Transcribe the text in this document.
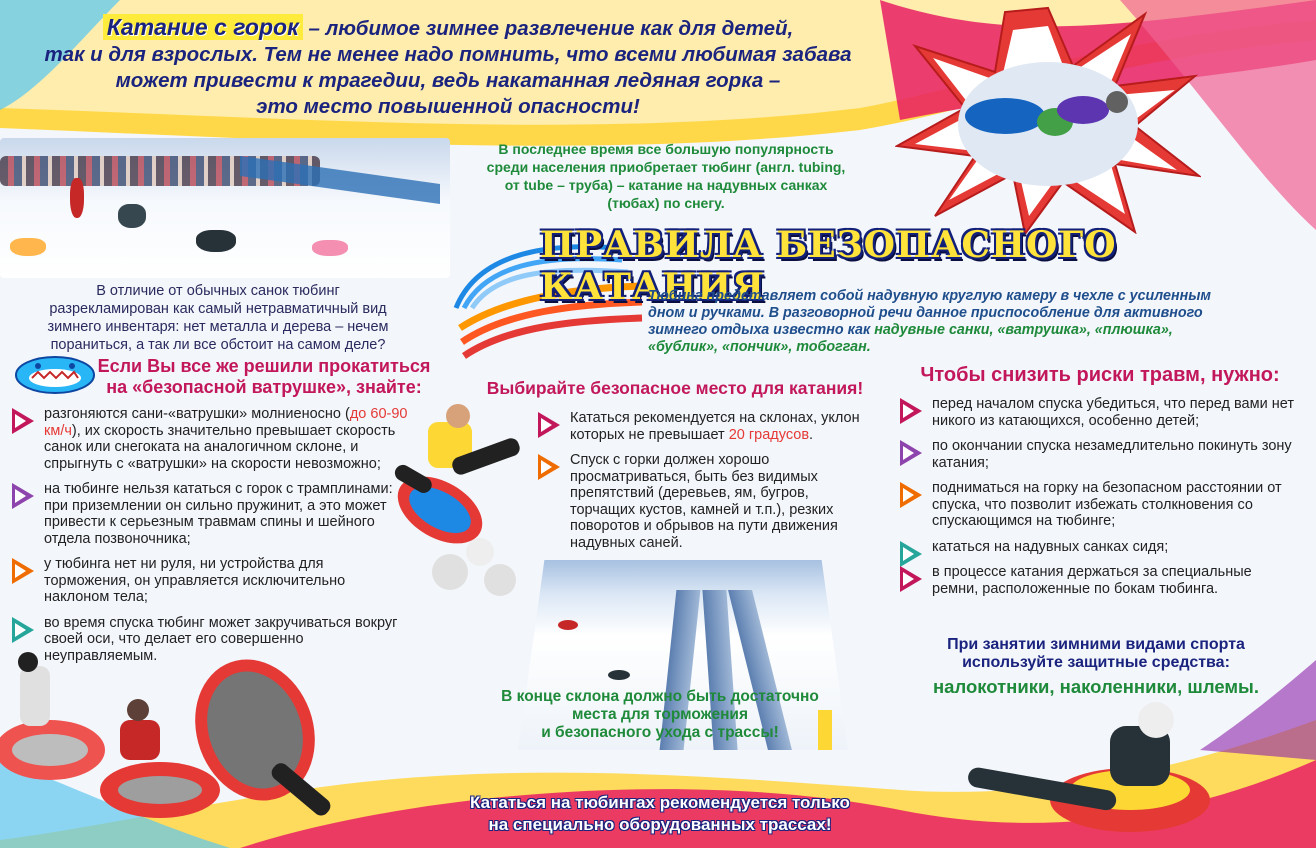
Катание с горок – любимое зимнее развлечение как для детей,
так и для взрослых. Тем не менее надо помнить, что всеми любимая забава
может привести к трагедии, ведь накатанная ледяная горка –
это место повышенной опасности!
В последнее время все большую популярность
среди населения приобретает тюбинг (англ. tubing,
от tube – труба) – катание на надувных санках
(тюбах) по снегу.
ПРАВИЛА БЕЗОПАСНОГО КАТАНИЯ
Тюбинг представляет собой надувную круглую камеру в чехле с усиленным
дном и ручками. В разговорной речи данное приспособление для активного
зимнего отдыха известно как надувные санки, «ватрушка», «плюшка»,
«бублик», «пончик», тобогган.
В отличие от обычных санок тюбинг
разрекламирован как самый нетравматичный вид
зимнего инвентаря: нет металла и дерева – нечем
пораниться, а так ли все обстоит на самом деле?
Если Вы все же решили прокатиться
на «безопасной ватрушке», знайте:
разгоняются сани-«ватрушки» молниеносно (до 60-90 км/ч), их скорость значительно превышает скорость санок или снегоката на аналогичном склоне, и спрыгнуть с «ватрушки» на скорости невозможно;
на тюбинге нельзя кататься с горок с трамплинами: при приземлении он сильно пружинит, а это может привести к серьезным травмам спины и шейного отдела позвоночника;
у тюбинга нет ни руля, ни устройства для торможения, он управляется исключительно наклоном тела;
во время спуска тюбинг может закручиваться вокруг своей оси, что делает его совершенно неуправляемым.
Выбирайте безопасное место для катания!
Кататься рекомендуется на склонах, уклон которых не превышает 20 градусов.
Спуск с горки должен хорошо просматриваться, быть без видимых препятствий (деревьев, ям, бугров, торчащих кустов, камней и т.п.), резких поворотов и обрывов на пути движения надувных саней.
В конце склона должно быть достаточно
места для торможения
и безопасного ухода с трассы!
Чтобы снизить риски травм, нужно:
перед началом спуска убедиться, что перед вами нет никого из катающихся, особенно детей;
по окончании спуска незамедлительно покинуть зону катания;
подниматься на горку на безопасном расстоянии от спуска, что позволит избежать столкновения со спускающимся на тюбинге;
кататься на надувных санках сидя;
в процессе катания держаться за специальные ремни, расположенные по бокам тюбинга.
При занятии зимними видами спорта
используйте защитные средства:
налокотники, наколенники, шлемы.
Кататься на тюбингах рекомендуется только
на специально оборудованных трассах!
